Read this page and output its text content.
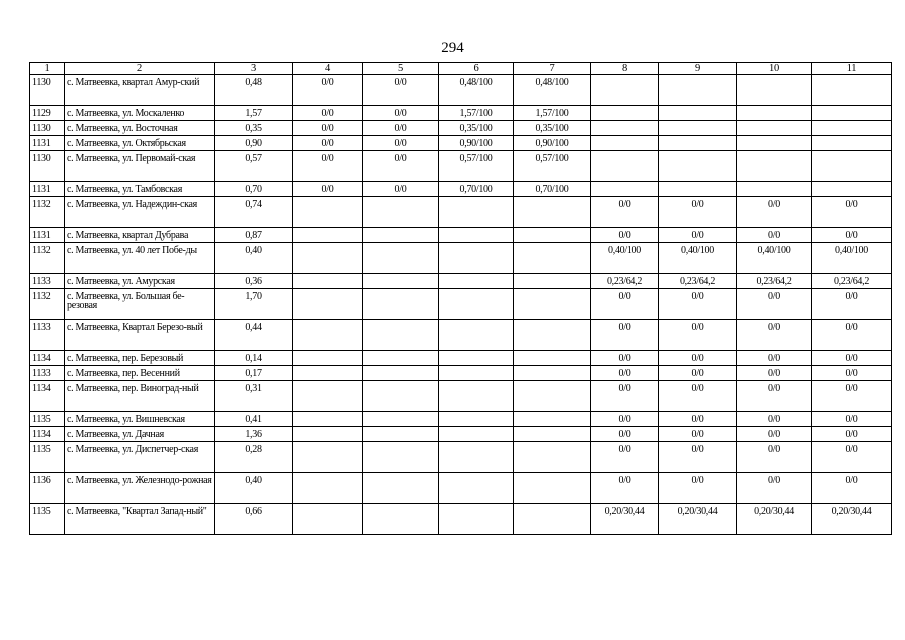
294
1	2	3	4	5	6	7	8	9	10	11
1130	с. Матвеевка, квартал Амур-ский	0,48	0/0	0/0	0,48/100	0,48/100				
1129	с. Матвеевка, ул. Москаленко	1,57	0/0	0/0	1,57/100	1,57/100				
1130	с. Матвеевка, ул. Восточная	0,35	0/0	0/0	0,35/100	0,35/100				
1131	с. Матвеевка, ул. Октябрьская	0,90	0/0	0/0	0,90/100	0,90/100				
1130	с. Матвеевка, ул. Первомай-ская	0,57	0/0	0/0	0,57/100	0,57/100				
1131	с. Матвеевка, ул. Тамбовская	0,70	0/0	0/0	0,70/100	0,70/100				
1132	с. Матвеевка, ул. Надеждин-ская	0,74					0/0	0/0	0/0	0/0
1131	с. Матвеевка, квартал Дубрава	0,87					0/0	0/0	0/0	0/0
1132	с. Матвеевка, ул. 40 лет Побе-ды	0,40					0,40/100	0,40/100	0,40/100	0,40/100
1133	с. Матвеевка, ул. Амурская	0,36					0,23/64,2	0,23/64,2	0,23/64,2	0,23/64,2
1132	с. Матвеевка, ул. Большая бе-резовая	1,70					0/0	0/0	0/0	0/0
1133	с. Матвеевка, Квартал Березо-вый	0,44					0/0	0/0	0/0	0/0
1134	с. Матвеевка, пер. Березовый	0,14					0/0	0/0	0/0	0/0
1133	с. Матвеевка, пер. Весенний	0,17					0/0	0/0	0/0	0/0
1134	с. Матвеевка, пер. Виноград-ный	0,31					0/0	0/0	0/0	0/0
1135	с. Матвеевка, ул. Вишневская	0,41					0/0	0/0	0/0	0/0
1134	с. Матвеевка, ул. Дачная	1,36					0/0	0/0	0/0	0/0
1135	с. Матвеевка, ул. Диспетчер-ская	0,28					0/0	0/0	0/0	0/0
1136	с. Матвеевка, ул. Железнодо-рожная	0,40					0/0	0/0	0/0	0/0
1135	с. Матвеевка, "Квартал Запад-ный"	0,66					0,20/30,44	0,20/30,44	0,20/30,44	0,20/30,44
